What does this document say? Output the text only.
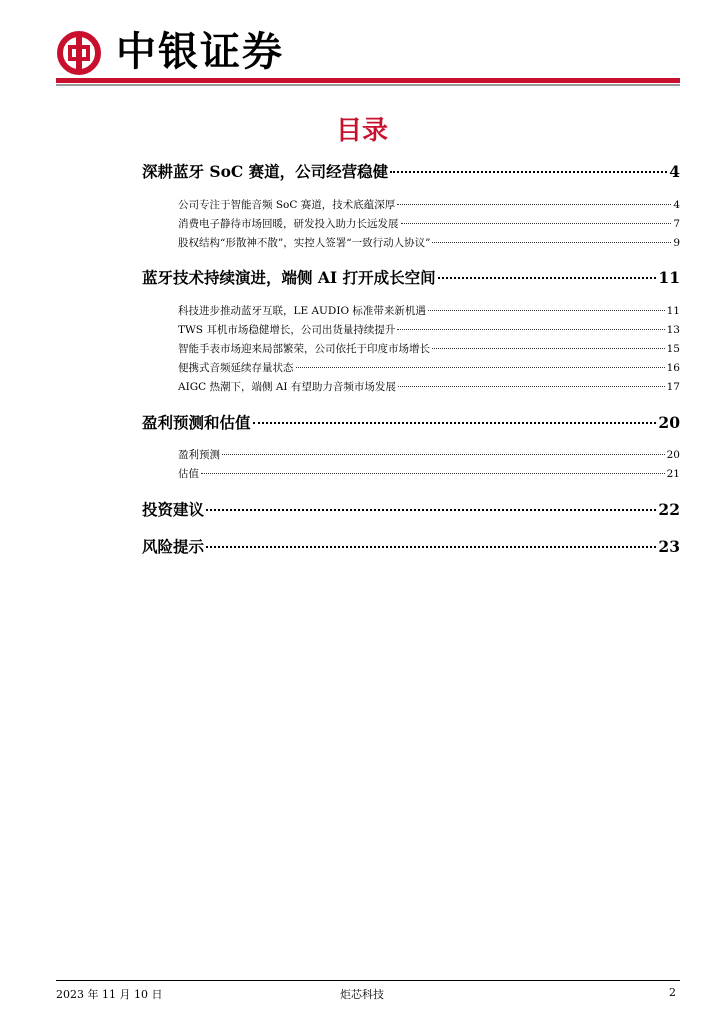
中银证券
目录
深耕蓝牙 SoC 赛道，公司经营稳健	4
公司专注于智能音频 SoC 赛道，技术底蕴深厚	4
消费电子静待市场回暖，研发投入助力长远发展	7
股权结构“形散神不散”，实控人签署“一致行动人协议”	9
蓝牙技术持续演进，端侧 AI 打开成长空间	11
科技进步推动蓝牙互联，LE AUDIO 标准带来新机遇	11
TWS 耳机市场稳健增长，公司出货量持续提升	13
智能手表市场迎来局部繁荣，公司依托于印度市场增长	15
便携式音频延续存量状态	16
AIGC 热潮下，端侧 AI 有望助力音频市场发展	17
盈利预测和估值	20
盈利预测	20
估值	21
投资建议	22
风险提示	23
2023 年 11 月 10 日	炬芯科技	2
